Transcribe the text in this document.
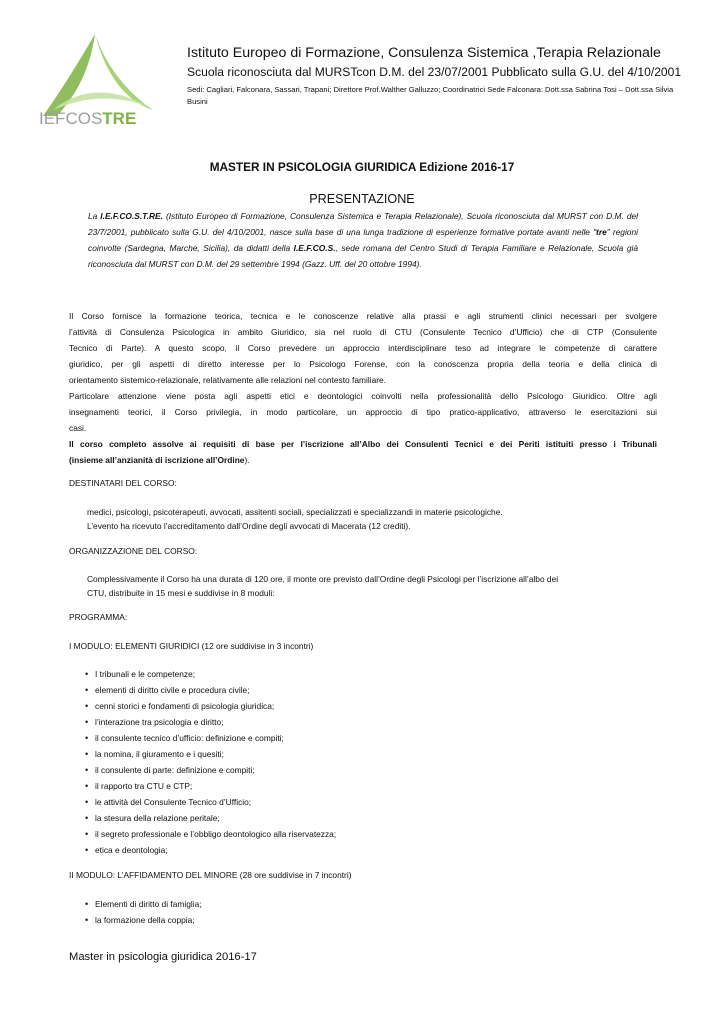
IEFCOSTRE
Istituto Europeo di Formazione, Consulenza Sistemica ,Terapia Relazionale
Scuola riconosciuta dal MURSTcon D.M. del 23/07/2001 Pubblicato sulla G.U. del 4/10/2001
Sedi: Cagliari, Falconara, Sassari, Trapani; Direttore Prof.Walther Galluzzo; Coordinatrici Sede Falconara: Dott.ssa Sabrina Tosi – Dott.ssa Silvia Busini
MASTER IN PSICOLOGIA GIURIDICA Edizione 2016-17
PRESENTAZIONE
La I.E.F.CO.S.T.RE. (Istituto Europeo di Formazione, Consulenza Sistemica e Terapia Relazionale), Scuola riconosciuta dal MURST con D.M. del 23/7/2001, pubblicato sulla G.U. del 4/10/2001, nasce sulla base di una lunga tradizione di esperienze formative portate avanti nelle "tre" regioni coinvolte (Sardegna, Marche, Sicilia), da didatti della I.E.F.CO.S., sede romana del Centro Studi di Terapia Familiare e Relazionale, Scuola già riconosciuta dal MURST con D.M. del 29 settembre 1994 (Gazz. Uff. del 20 ottobre 1994).
Il Corso fornisce la formazione teorica, tecnica e le conoscenze relative alla prassi e agli strumenti clinici necessari per svolgere
l’attività di Consulenza Psicologica in ambito Giuridico, sia nel ruolo di CTU (Consulente Tecnico d’Ufficio) che di CTP (Consulente
Tecnico di Parte). A questo scopo, il Corso prevedere un approccio interdisciplinare teso ad integrare le competenze di carattere
giuridico, per gli aspetti di diretto interesse per lo Psicologo Forense, con la conoscenza propria della teoria e della clinica di
orientamento sistemico-relazionale, relativamente alle relazioni nel contesto familiare.
Particolare attenzione viene posta agli aspetti etici e deontologici coinvolti nella professionalità dello Psicologo Giuridico. Oltre agli
insegnamenti teorici, il Corso privilegia, in modo particolare, un approccio di tipo pratico-applicativo, attraverso le esercitazioni sui
casi.
Il corso completo assolve ai requisiti di base per l’iscrizione all’Albo dei Consulenti Tecnici e dei Periti istituiti presso i Tribunali
(insieme all’anzianità di iscrizione all’Ordine).
DESTINATARI DEL CORSO:
medici, psicologi, psicoterapeuti, avvocati, assitenti sociali, specializzati e specializzandi in materie psicologiche.
L’evento ha ricevuto l’accreditamento dall’Ordine degli avvocati di Macerata (12 crediti).
ORGANIZZAZIONE DEL CORSO:
Complessivamente il Corso ha una durata di 120 ore, il monte ore previsto dall’Ordine degli Psicologi per l’iscrizione all’albo dei
CTU, distribuite in 15 mesi e suddivise in 8 moduli:
PROGRAMMA:
I MODULO: ELEMENTI GIURIDICI (12 ore suddivise in 3 incontri)
• I tribunali e le competenze;
• elementi di diritto civile e procedura civile;
• cenni storici e fondamenti di psicologia giuridica;
• l’interazione tra psicologia e diritto;
• il consulente tecnico d’ufficio: definizione e compiti;
• la nomina, il giuramento e i quesiti;
• il consulente di parte: definizione e compiti;
• il rapporto tra CTU e CTP;
• le attività del Consulente Tecnico d’Ufficio;
• la stesura della relazione peritale;
• il segreto professionale e l’obbligo deontologico alla riservatezza;
• etica e deontologia;
II MODULO: L’AFFIDAMENTO DEL MINORE (28 ore suddivise in 7 incontri)
• Elementi di diritto di famiglia;
• la formazione della coppia;
Master in psicologia giuridica 2016-17
